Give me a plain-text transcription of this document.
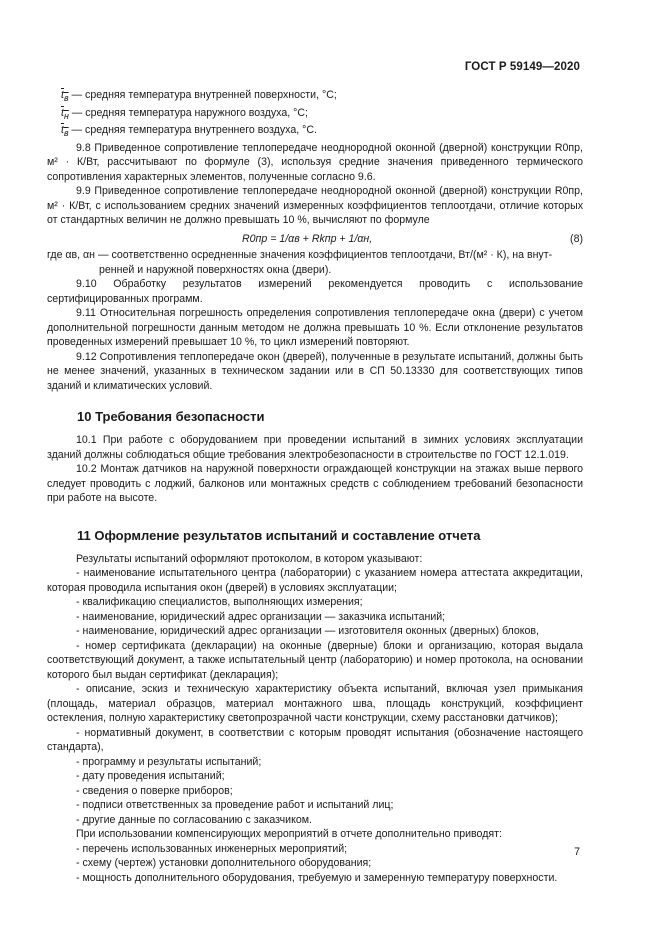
ГОСТ Р 59149—2020
$t_в$ — средняя температура внутренней поверхности, °С;
$t_н$ — средняя температура наружного воздуха, °С;
$t_в$ — средняя температура внутреннего воздуха, °С.

9.8 Приведенное сопротивление теплопередаче неоднородной оконной (дверной) конструкции R0пр, м² · К/Вт, рассчитывают по формуле (3), используя средние значения приведенного термического сопротивления характерных элементов, полученные согласно 9.6.

9.9 Приведенное сопротивление теплопередаче неоднородной оконной (дверной) конструкции R0пр, м² · К/Вт, с использованием средних значений измеренных коэффициентов теплоотдачи, отличие которых от стандартных величин не должно превышать 10 %, вычисляют по формуле

R0пр = 1/αв + Rkпр + 1/αн,	(8)

где αв, αн — соответственно осредненные значения коэффициентов теплоотдачи, Вт/(м² · К), на внут-

ренней и наружной поверхностях окна (двери).

9.10 Обработку результатов измерений рекомендуется проводить с использование сертифицированных программ.

9.11 Относительная погрешность определения сопротивления теплопередаче окна (двери) с учетом дополнительной погрешности данным методом не должна превышать 10 %. Если отклонение результатов проведенных измерений превышает 10 %, то цикл измерений повторяют.

9.12 Сопротивления теплопередаче окон (дверей), полученные в результате испытаний, должны быть не менее значений, указанных в техническом задании или в СП 50.13330 для соответствующих типов зданий и климатических условий.

10 Требования безопасности

10.1 При работе с оборудованием при проведении испытаний в зимних условиях эксплуатации зданий должны соблюдаться общие требования электробезопасности в строительстве по ГОСТ 12.1.019.

10.2 Монтаж датчиков на наружной поверхности ограждающей конструкции на этажах выше первого следует проводить с лоджий, балконов или монтажных средств с соблюдением требований безопасности при работе на высоте.

11 Оформление результатов испытаний и составление отчета

Результаты испытаний оформляют протоколом, в котором указывают:

- наименование испытательного центра (лаборатории) с указанием номера аттестата аккредитации, которая проводила испытания окон (дверей) в условиях эксплуатации;
- квалификацию специалистов, выполняющих измерения;
- наименование, юридический адрес организации — заказчика испытаний;
- наименование, юридический адрес организации — изготовителя оконных (дверных) блоков,
- номер сертификата (декларации) на оконные (дверные) блоки и организацию, которая выдала соответствующий документ, а также испытательный центр (лабораторию) и номер протокола, на основании которого был выдан сертификат (декларация);
- описание, эскиз и техническую характеристику объекта испытаний, включая узел примыкания (площадь, материал образцов, материал монтажного шва, площадь конструкций, коэффициент остекления, полную характеристику светопрозрачной части конструкции, схему расстановки датчиков);
- нормативный документ, в соответствии с которым проводят испытания (обозначение настоящего стандарта),
- программу и результаты испытаний;
- дату проведения испытаний;
- сведения о поверке приборов;
- подписи ответственных за проведение работ и испытаний лиц;
- другие данные по согласованию с заказчиком.

При использовании компенсирующих мероприятий в отчете дополнительно приводят:

- перечень использованных инженерных мероприятий;
- схему (чертеж) установки дополнительного оборудования;
- мощность дополнительного оборудования, требуемую и замеренную температуру поверхности.
7
